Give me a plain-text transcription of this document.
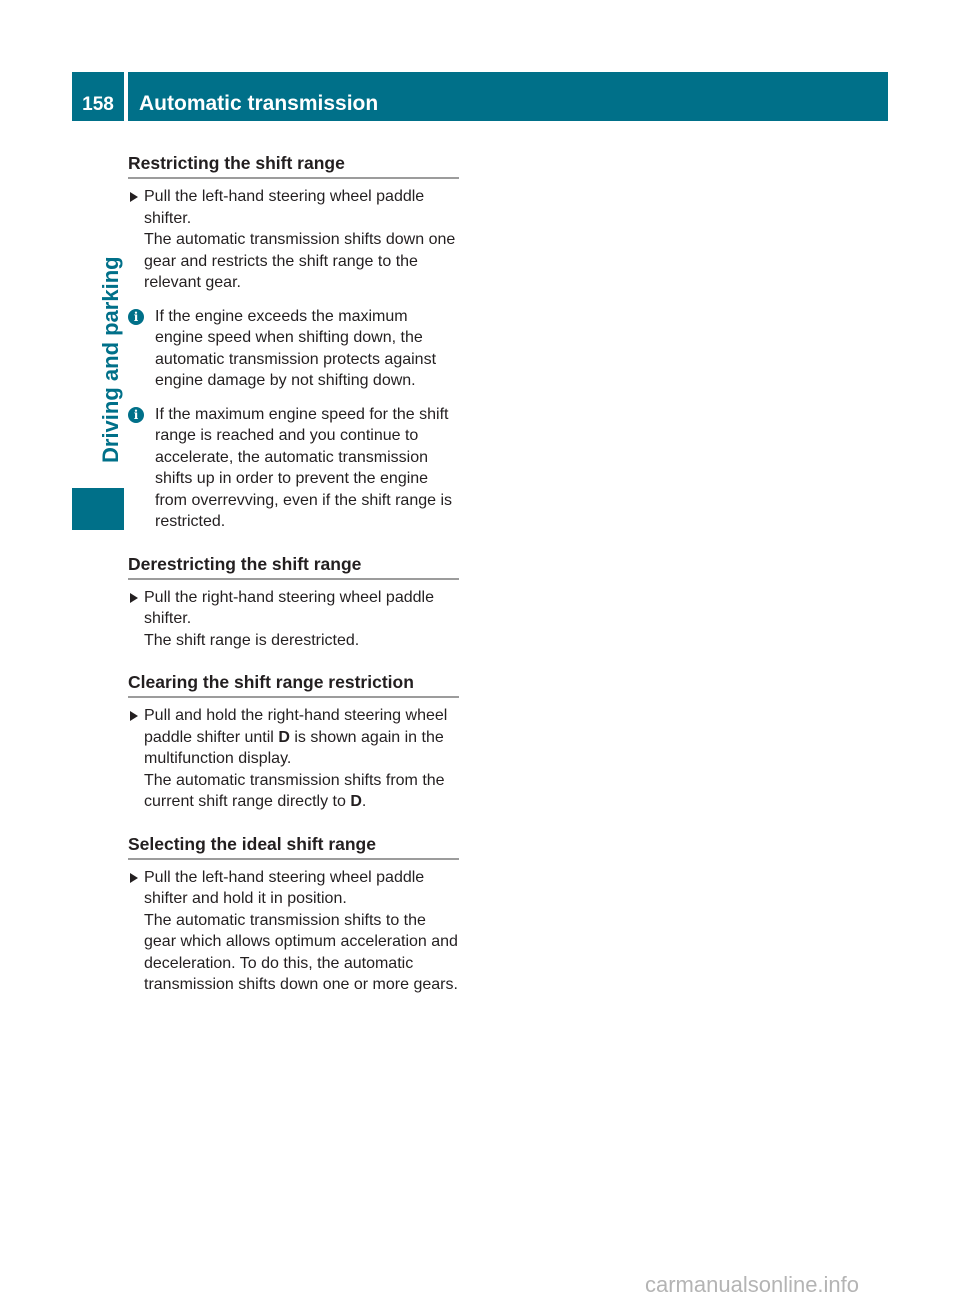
158	Automatic transmission
Driving and parking
Restricting the shift range

Pull the left-hand steering wheel paddle shifter.

The automatic transmission shifts down one gear and restricts the shift range to the relevant gear.

i	If the engine exceeds the maximum engine speed when shifting down, the automatic transmission protects against engine damage by not shifting down.

i	If the maximum engine speed for the shift range is reached and you continue to accelerate, the automatic transmission shifts up in order to prevent the engine from overrevving, even if the shift range is restricted.

Derestricting the shift range

Pull the right-hand steering wheel paddle shifter.

The shift range is derestricted.

Clearing the shift range restriction

Pull and hold the right-hand steering wheel paddle shifter until D is shown again in the multifunction display.

The automatic transmission shifts from the current shift range directly to D.

Selecting the ideal shift range

Pull the left-hand steering wheel paddle shifter and hold it in position.

The automatic transmission shifts to the gear which allows optimum acceleration and deceleration. To do this, the automatic transmission shifts down one or more gears.

carmanualsonline.info
